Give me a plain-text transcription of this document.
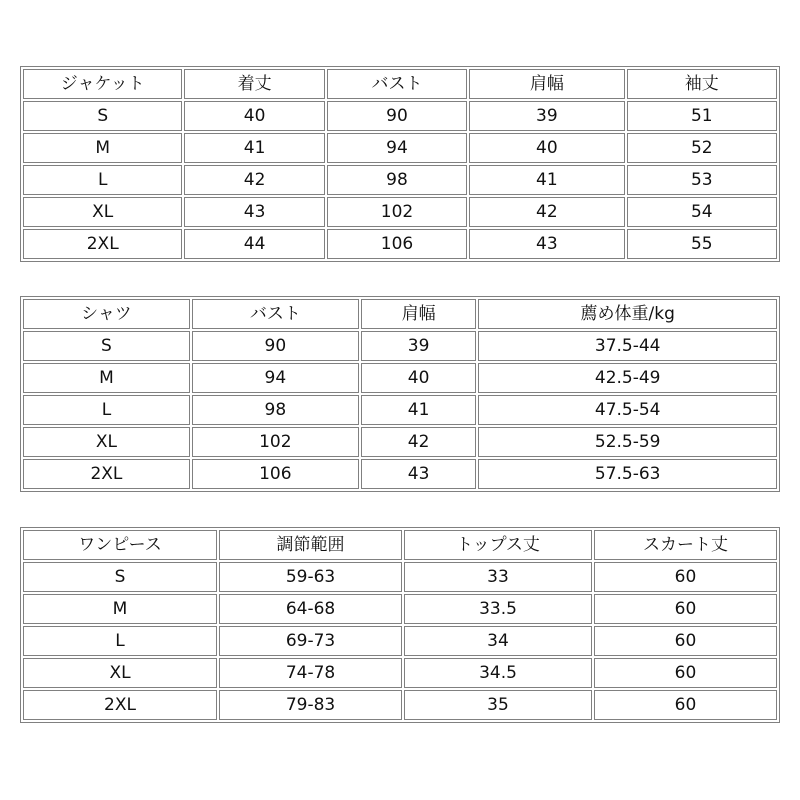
ジャケット	着丈	バスト	肩幅	袖丈
S	40	90	39	51
M	41	94	40	52
L	42	98	41	53
XL	43	102	42	54
2XL	44	106	43	55
シャツ	バスト	肩幅	薦め体重/kg
S	90	39	37.5-44
M	94	40	42.5-49
L	98	41	47.5-54
XL	102	42	52.5-59
2XL	106	43	57.5-63
ワンピース	調節範囲	トップス丈	スカート丈
S	59-63	33	60
M	64-68	33.5	60
L	69-73	34	60
XL	74-78	34.5	60
2XL	79-83	35	60
